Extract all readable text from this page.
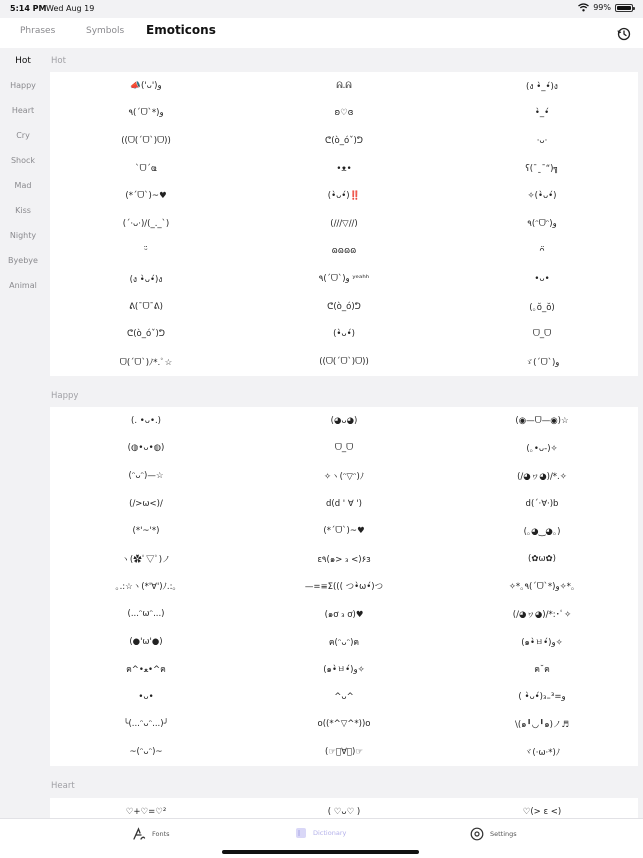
5:14 PM Wed Aug 19	99%
Phrases	Symbols Emoticons
Hot
Happy
Heart
Cry
Shock
Mad
Kiss
Nighty
Byebye
Animal
Hot
📣('ᴗ')و	ᕱ.ᕱ	(ง •̀_•́)ง
٩(ˊᗜˋ*)و	ʚ♡ɞ	•̀_•́
((ᗜ(ˊᗜˋ)ᗜ))	ᕦ(ò_óˇ)ᕤ	·ᴗ·
ˋᗜˊҩ	•ᴥ•	ʕ(¯ˍ¯“)╗
(*ˊᗜˋ)~♥	(•̀ᴗ•́)‼️	✧(•̀ᴗ•́)
(ˊ·ᴗ·)/(_._ˋ)	(///▽//)	٩(ᵔᗜᵔ)و
ᵕ̈	ɷɷɷɷ	ᴖ̈
(ง •̀ᴗ•́)ง	٩(ˊᗜˋ)و ʸᵉᵃʰʰ	•ᴗ•
ᕕ(¯ᗜ¯ᕕ)	ᕦ(ò_ó)ᕤ	(｡ŏ_ŏ)
ᕦ(ò_óˇ)ᕤ	(•̀ᴗ•́)	ᗜ_ᗜ
ᗜ(ˊᗜˋ)ﾉ*.ﾟ☆	((ᗜ(ˊᗜˋ)ᗜ))	ゞ(ˊᗜˋ)و
Happy
(. •ᴗ•.)	(◕ᴗ◕)	(◉—ᗜ—◉)☆
(◍•ᴗ•◍)	ᗜ_ᗜ	(｡•ᴗ-)✧
(ᵔᴗᵔ)—☆	✧ヽ(ᵔ▽ᵔ)ﾉ	(/◕ヮ◕)/*.✧
(/>ω<)/	d(d ' ∀ ')	d(ˊ·∀·)b
(*'~'*)	(*ˊᗜˋ)~♥	(｡◕‿◕｡)
ヽ(✿ﾟ▽ﾟ)ノ	ε٩(๑> ₃ <)۶з	(✿ω✿)
｡.:☆ヽ(*'∀')ﾉ.:｡	—=≡Σ((( つ•̀ω•́)つ	✧*｡٩(ˊᗜˋ*)و✧*｡
(...ᵔωᵔ...)	(๑ơ ₃ ơ)♥	(/◕ヮ◕)/*:･ﾟ✧
(●'ω'●)	ค(ᵔᴗᵔ)ค	(๑•̀ㅂ•́)و✧
ค^•ﻌ•^ค	(๑•̀ㅂ•́)و✧	ค˘ค
•ᴗ•	^ᴗ^	( •̀ᴗ•́)و=³₌₃
╰(...ᵔᴗᵔ...)╯	o((*^▽^*))o	\(๑╹◡╹๑)ノ♬
~(ᵔᴗᵔ)~	(☞ﾟ∀ﾟ)☞	ヾ(·ω·*)ﾉ
Heart
♡+♡=♡²	( ♡ᴗ♡ )	♡(> ε <)
Fonts	Dictionary	Settings
